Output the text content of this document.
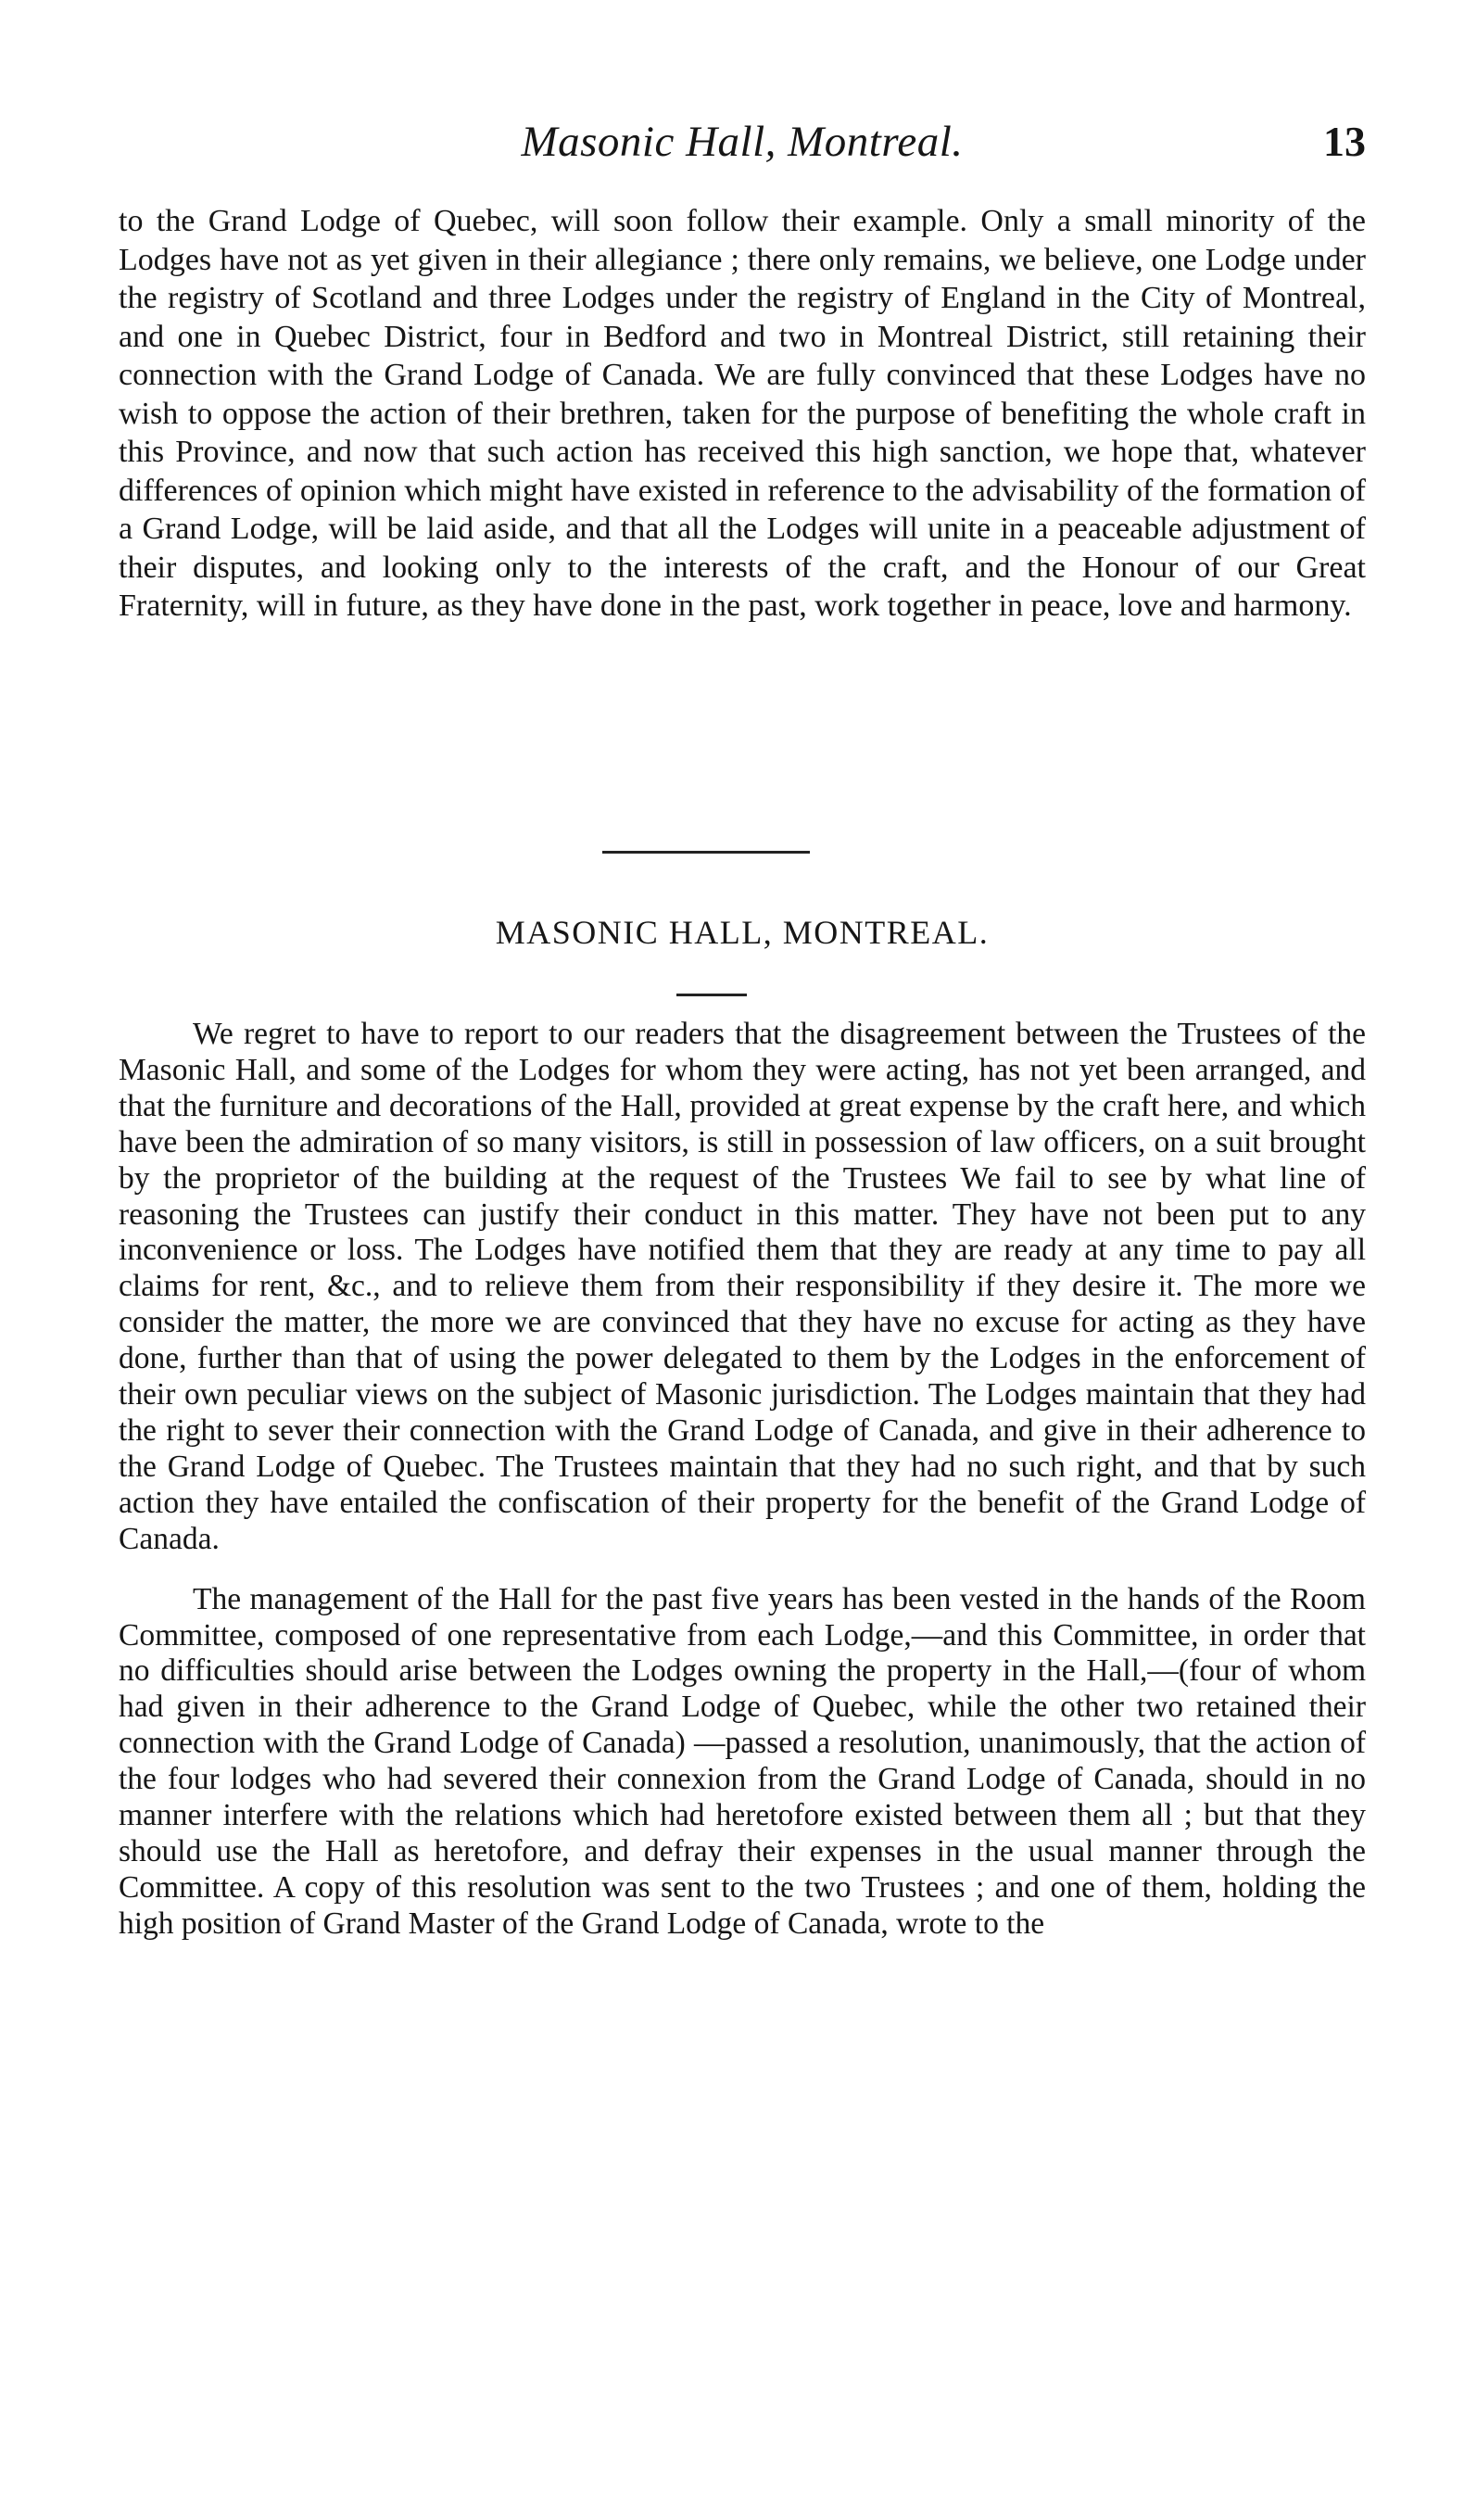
Masonic Hall, Montreal.	13

to the Grand Lodge of Quebec, will soon follow their example. Only a small minority of the Lodges have not as yet given in their allegiance ; there only remains, we believe, one Lodge under the registry of Scotland and three Lodges under the registry of England in the City of Montreal, and one in Quebec District, four in Bedford and two in Montreal District, still retaining their connection with the Grand Lodge of Canada. We are fully convinced that these Lodges have no wish to oppose the action of their brethren, taken for the purpose of benefiting the whole craft in this Province, and now that such action has received this high sanction, we hope that, whatever differences of opinion which might have existed in reference to the advisability of the formation of a Grand Lodge, will be laid aside, and that all the Lodges will unite in a peaceable adjustment of their disputes, and looking only to the interests of the craft, and the Honour of our Great Fraternity, will in future, as they have done in the past, work together in peace, love and harmony.

MASONIC HALL, MONTREAL.

We regret to have to report to our readers that the disagreement between the Trustees of the Masonic Hall, and some of the Lodges for whom they were acting, has not yet been arranged, and that the furniture and decorations of the Hall, provided at great expense by the craft here, and which have been the admiration of so many visitors, is still in possession of law officers, on a suit brought by the proprietor of the building at the request of the Trustees We fail to see by what line of reasoning the Trustees can justify their conduct in this matter. They have not been put to any inconvenience or loss. The Lodges have notified them that they are ready at any time to pay all claims for rent, &c., and to relieve them from their responsibility if they desire it. The more we consider the matter, the more we are convinced that they have no excuse for acting as they have done, further than that of using the power delegated to them by the Lodges in the enforcement of their own peculiar views on the subject of Masonic jurisdiction. The Lodges maintain that they had the right to sever their connection with the Grand Lodge of Canada, and give in their adherence to the Grand Lodge of Quebec. The Trustees maintain that they had no such right, and that by such action they have entailed the confiscation of their property for the benefit of the Grand Lodge of Canada.

The management of the Hall for the past five years has been vested in the hands of the Room Committee, composed of one representative from each Lodge,—and this Committee, in order that no difficulties should arise between the Lodges owning the property in the Hall,—(four of whom had given in their adherence to the Grand Lodge of Quebec, while the other two retained their connection with the Grand Lodge of Canada) —passed a resolution, unanimously, that the action of the four lodges who had severed their connexion from the Grand Lodge of Canada, should in no manner interfere with the relations which had heretofore existed between them all ; but that they should use the Hall as heretofore, and defray their expenses in the usual manner through the Committee. A copy of this resolution was sent to the two Trustees ; and one of them, holding the high position of Grand Master of the Grand Lodge of Canada, wrote to the
